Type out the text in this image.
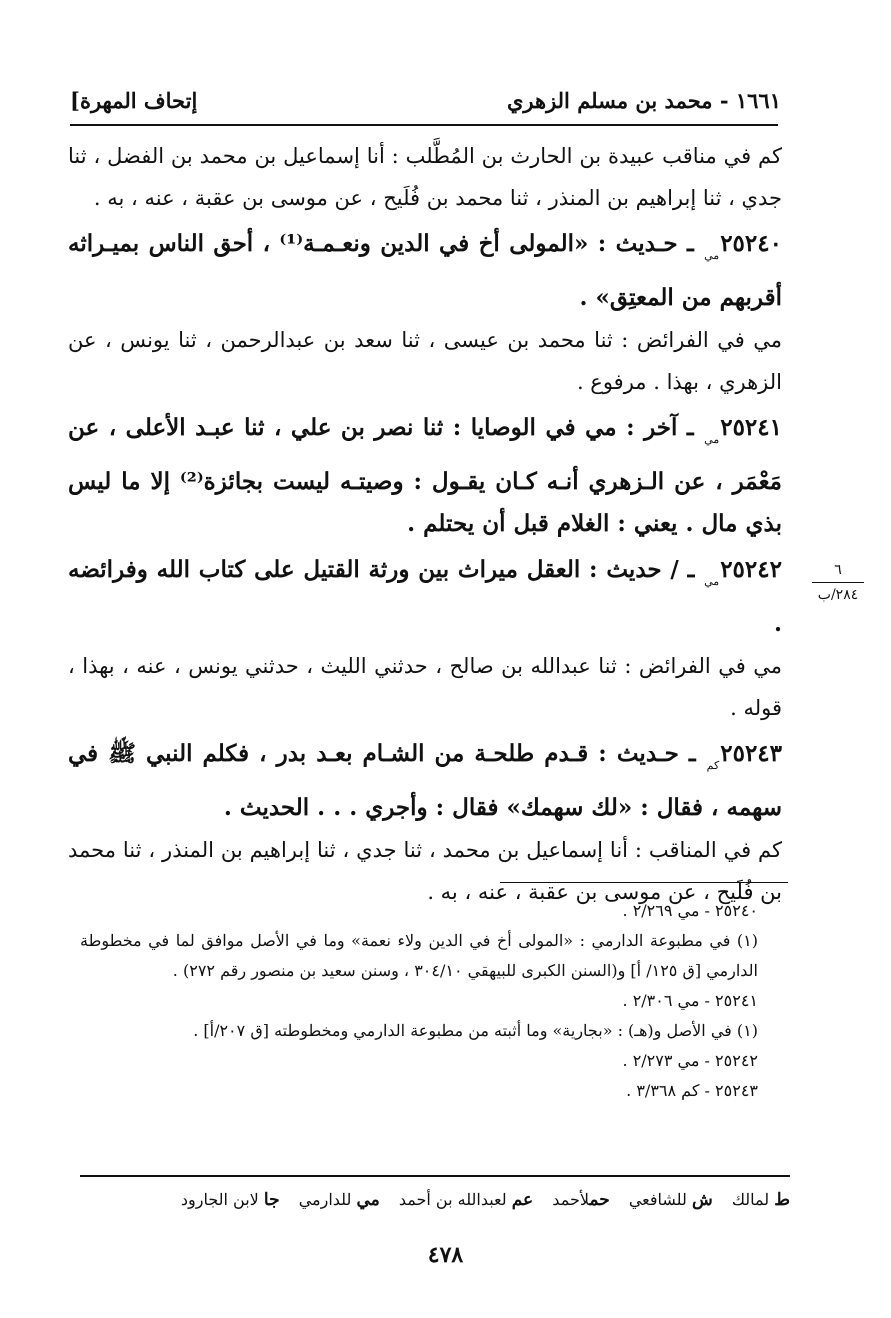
[إتحاف المهرة	١٦٦١ - محمد بن مسلم الزهري

كم في مناقب عبيدة بن الحارث بن المُطَّلب : أنا إسماعيل بن محمد بن الفضل ، ثنا جدي ، ثنا إبراهيم بن المنذر ، ثنا محمد بن فُلَيح ، عن موسى بن عقبة ، عنه ، به .

$٢٥٢٤٠_{مي}$ ـ حـديث : «المولى أخ في الدين ونعـمـة⁽¹⁾ ، أحق الناس بميـراثه أقربهم من المعتِق» .

مي في الفرائض : ثنا محمد بن عيسى ، ثنا سعد بن عبدالرحمن ، ثنا يونس ، عن الزهري ، بهذا . مرفوع .

$٢٥٢٤١_{مي}$ ـ آخر : مي في الوصايا : ثنا نصر بن علي ، ثنا عبـد الأعلى ، عن مَعْمَر ، عن الـزهري أنـه كـان يقـول : وصيتـه ليست بجائزة⁽²⁾ إلا ما ليس بذي مال . يعني : الغلام قبل أن يحتلم .

$٢٥٢٤٢_{مي}$ ـ / حديث : العقل ميراث بين ورثة القتيل على كتاب الله وفرائضه .

مي في الفرائض : ثنا عبدالله بن صالح ، حدثني الليث ، حدثني يونس ، عنه ، بهذا ، قوله .

$٢٥٢٤٣_{كم}$ ـ حـديث : قـدم طلحـة من الشـام بعـد بدر ، فكلم النبي ﷺ في سهمه ، فقال : «لك سهمك» فقال : وأجري . . . الحديث .

كم في المناقب : أنا إسماعيل بن محمد ، ثنا جدي ، ثنا إبراهيم بن المنذر ، ثنا محمد بن فُلَيح ، عن موسى بن عقبة ، عنه ، به .

٦
٢٨٤/ب

٢٥٢٤٠ - مي ٢/٢٦٩ .

(١) في مطبوعة الدارمي : «المولى أخ في الدين ولاء نعمة» وما في الأصل موافق لما في مخطوطة الدارمي [ق ١٢٥/ أ] و(السنن الكبرى للبيهقي ٣٠٤/١٠ ، وسنن سعيد بن منصور رقم ٢٧٢) .

٢٥٢٤١ - مي ٢/٣٠٦ .

(١) في الأصل و(هـ) : «بجارية» وما أثبته من مطبوعة الدارمي ومخطوطته [ق ٢٠٧/أ] .

٢٥٢٤٢ - مي ٢/٢٧٣ .

٢٥٢٤٣ - كم ٣/٣٦٨ .

ط لمالك ش للشافعي حملأحمد عم لعبدالله بن أحمد مي للدارمي جا لابن الجارود
٤٧٨
